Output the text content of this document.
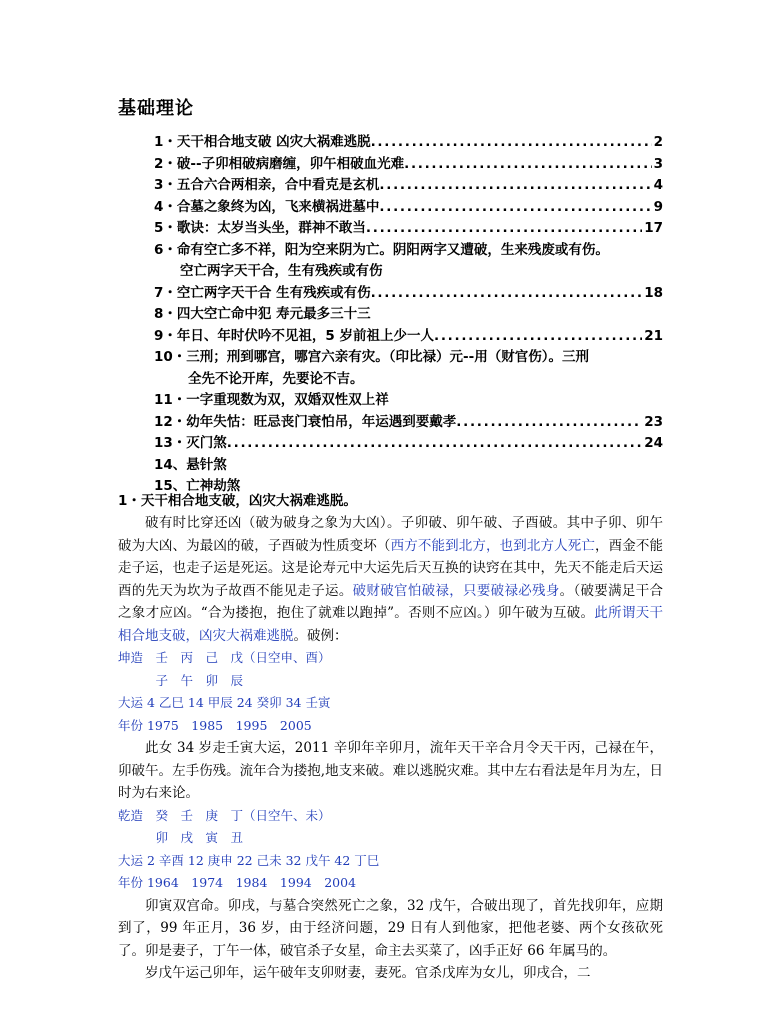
基础理论
1・天干相合地支破 凶灾大祸难逃脱 . . .	2
2・破--子卯相破病磨缠，卯午相破血光难 . . .	3
3・五合六合两相亲，合中看克是玄机 . . .	4
4・合墓之象终为凶，飞来横祸进墓中 . . .	9
5・歌诀：太岁当头坐，群神不敢当 . . .	17
6・命有空亡多不祥，阳为空来阴为亡。阴阳两字又遭破，生来残废或有伤。
空亡两字天干合，生有残疾或有伤
7・空亡两字天干合 生有残疾或有伤 . . .	18
8・四大空亡命中犯 寿元最多三十三
9・年日、年时伏吟不见祖，5 岁前祖上少一人 . . .	21
10・三刑；刑到哪宫，哪宫六亲有灾。（印比禄）元--用（财官伤）。三刑
全先不论开库，先要论不吉。
11・一字重现数为双，双婚双性双上祥
12・幼年失怙：旺忌丧门衰怕吊，年运遇到要戴孝 . . .	23
13・灭门煞 . . .	24
14、悬针煞
15、亡神劫煞
1・天干相合地支破，凶灾大祸难逃脱。

破有时比穿还凶（破为破身之象为大凶）。子卯破、卯午破、子酉破。其中子卯、卯午破为大凶、为最凶的破，子酉破为性质变坏（西方不能到北方，也到北方人死亡，酉金不能走子运，也走子运是死运。这是论寿元中大运先后天互换的诀窍在其中，先天不能走后天运酉的先天为坎为子故酉不能见走子运。破财破官怕破禄，只要破禄必残身。（破要满足干合之象才应凶。“合为搂抱，抱住了就难以跑掉”。否则不应凶。）卯午破为互破。此所谓天干相合地支破，凶灾大祸难逃脱。破例：

坤造　壬　丙　己　戊（日空申、酉）
　　　子　午　卯　辰
大运 4 乙巳 14 甲辰 24 癸卯 34 壬寅
年份 1975　1985　1995　2005

此女 34 岁走壬寅大运，2011 辛卯年辛卯月，流年天干辛合月令天干丙，己禄在午，卯破午。左手伤残。流年合为搂抱,地支来破。难以逃脱灾难。其中左右看法是年月为左，日时为右来论。

乾造　癸　壬　庚　丁（日空午、未）
　　　卯　戌　寅　丑
大运 2 辛酉 12 庚申 22 己未 32 戊午 42 丁巳
年份 1964　1974　1984　1994　2004

卯寅双宫命。卯戌，与墓合突然死亡之象，32 戊午，合破出现了，首先找卯年，应期到了，99 年正月，36 岁，由于经济问题，29 日有人到他家，把他老婆、两个女孩砍死了。卯是妻子，丁午一体，破官杀子女星，命主去买菜了，凶手正好 66 年属马的。

岁戊午运己卯年，运午破年支卯财妻，妻死。官杀戊库为女儿，卯戌合，二
